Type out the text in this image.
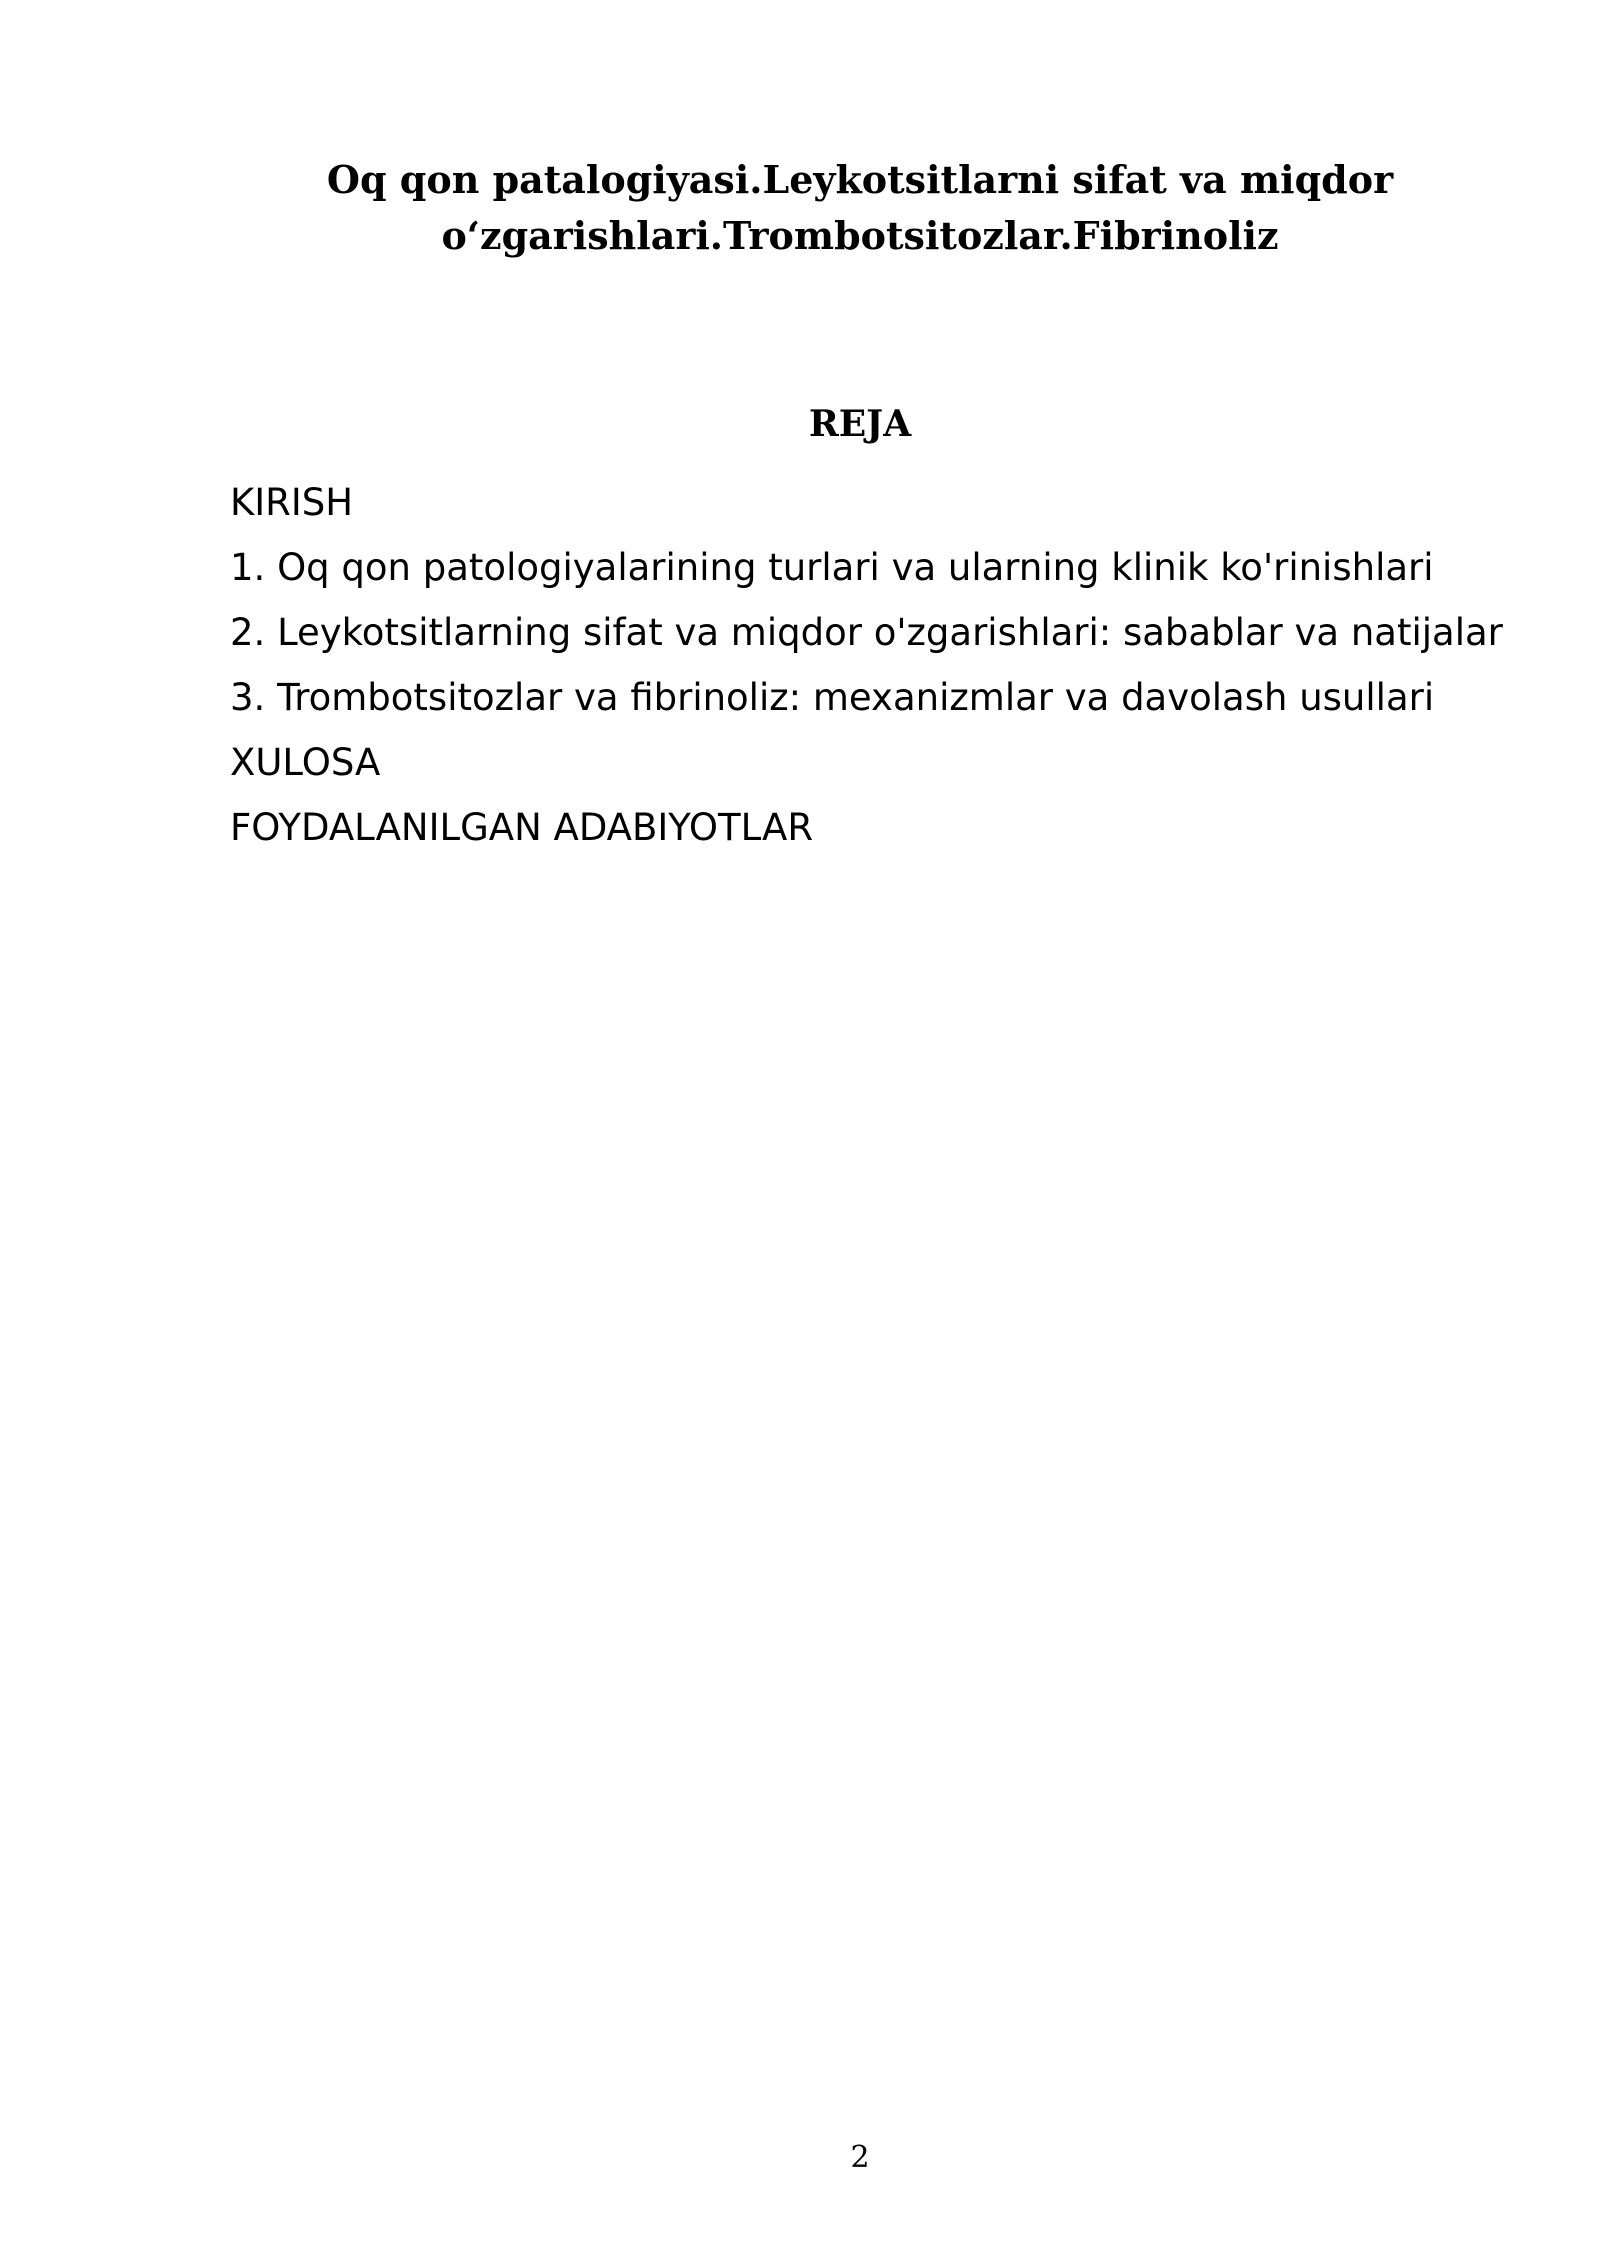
Oq qon patalogiyasi.Leykotsitlarni sifat va miqdor
o‘zgarishlari.Trombotsitozlar.Fibrinoliz
REJA
KIRISH
1. Oq qon patologiyalarining turlari va ularning klinik ko'rinishlari
2. Leykotsitlarning sifat va miqdor o'zgarishlari: sabablar va natijalar
3. Trombotsitozlar va fibrinoliz: mexanizmlar va davolash usullari
XULOSA
FOYDALANILGAN ADABIYOTLAR
2
